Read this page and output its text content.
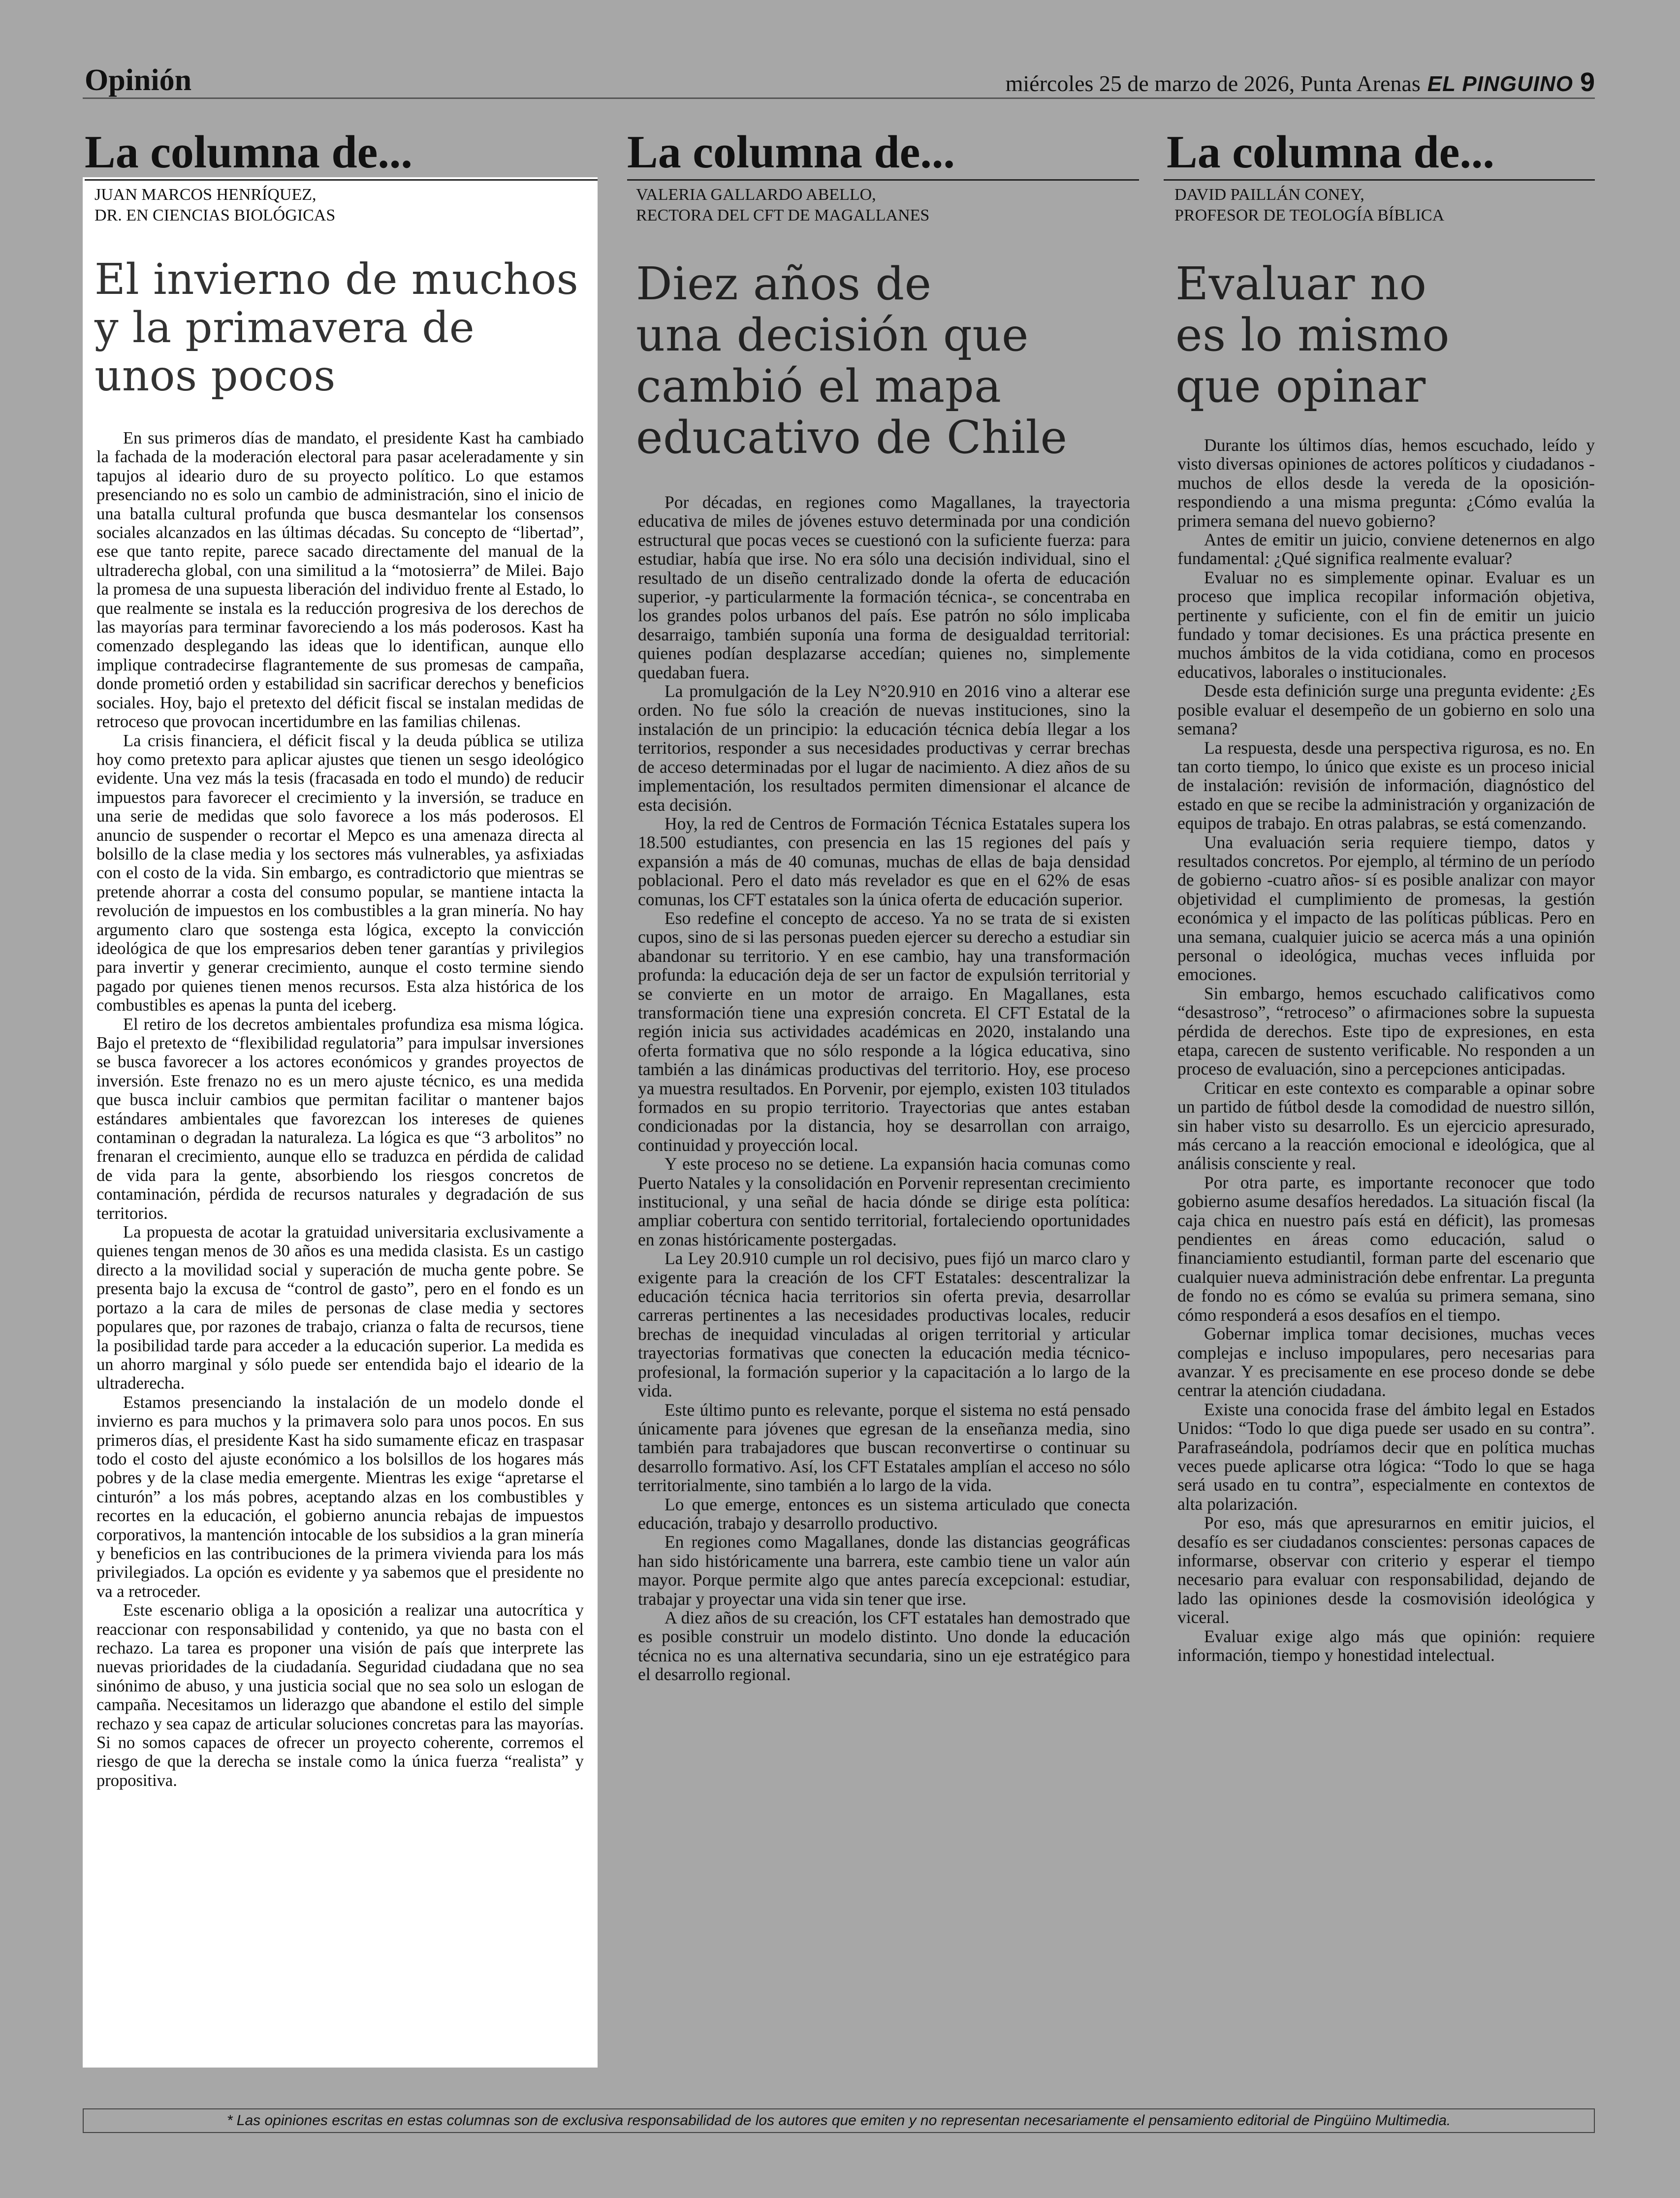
Opinión	miércoles 25 de marzo de 2026, Punta Arenas EL PINGUINO 9
La columna de...
JUAN MARCOS HENRÍQUEZ,
DR. EN CIENCIAS BIOLÓGICAS
El invierno de muchos
y la primavera de
unos pocos

En sus primeros días de mandato, el presidente Kast ha cambiado la fachada de la moderación electoral para pasar aceleradamente y sin tapujos al ideario duro de su proyecto político. Lo que estamos presenciando no es solo un cambio de administración, sino el inicio de una batalla cultural profunda que busca desmantelar los consensos sociales alcanzados en las últimas décadas. Su concepto de “libertad”, ese que tanto repite, parece sacado directamente del manual de la ultraderecha global, con una similitud a la “motosierra” de Milei. Bajo la promesa de una supuesta liberación del individuo frente al Estado, lo que realmente se instala es la reducción progresiva de los derechos de las mayorías para terminar favoreciendo a los más poderosos. Kast ha comenzado desplegando las ideas que lo identifican, aunque ello implique contradecirse flagrantemente de sus promesas de campaña, donde prometió orden y estabilidad sin sacrificar derechos y beneficios sociales. Hoy, bajo el pretexto del déficit fiscal se instalan medidas de retroceso que provocan incertidumbre en las familias chilenas.

La crisis financiera, el déficit fiscal y la deuda pública se utiliza hoy como pretexto para aplicar ajustes que tienen un sesgo ideológico evidente. Una vez más la tesis (fracasada en todo el mundo) de reducir impuestos para favorecer el crecimiento y la inversión, se traduce en una serie de medidas que solo favorece a los más poderosos. El anuncio de suspender o recortar el Mepco es una amenaza directa al bolsillo de la clase media y los sectores más vulnerables, ya asfixiadas con el costo de la vida. Sin embargo, es contradictorio que mientras se pretende ahorrar a costa del consumo popular, se mantiene intacta la revolución de impuestos en los combustibles a la gran minería. No hay argumento claro que sostenga esta lógica, excepto la convicción ideológica de que los empresarios deben tener garantías y privilegios para invertir y generar crecimiento, aunque el costo termine siendo pagado por quienes tienen menos recursos. Esta alza histórica de los combustibles es apenas la punta del iceberg.

El retiro de los decretos ambientales profundiza esa misma lógica. Bajo el pretexto de “flexibilidad regulatoria” para impulsar inversiones se busca favorecer a los actores económicos y grandes proyectos de inversión. Este frenazo no es un mero ajuste técnico, es una medida que busca incluir cambios que permitan facilitar o mantener bajos estándares ambientales que favorezcan los intereses de quienes contaminan o degradan la naturaleza. La lógica es que “3 arbolitos” no frenaran el crecimiento, aunque ello se traduzca en pérdida de calidad de vida para la gente, absorbiendo los riesgos concretos de contaminación, pérdida de recursos naturales y degradación de sus territorios.

La propuesta de acotar la gratuidad universitaria exclusivamente a quienes tengan menos de 30 años es una medida clasista. Es un castigo directo a la movilidad social y superación de mucha gente pobre. Se presenta bajo la excusa de “control de gasto”, pero en el fondo es un portazo a la cara de miles de personas de clase media y sectores populares que, por razones de trabajo, crianza o falta de recursos, tiene la posibilidad tarde para acceder a la educación superior. La medida es un ahorro marginal y sólo puede ser entendida bajo el ideario de la ultraderecha.

Estamos presenciando la instalación de un modelo donde el invierno es para muchos y la primavera solo para unos pocos. En sus primeros días, el presidente Kast ha sido sumamente eficaz en traspasar todo el costo del ajuste económico a los bolsillos de los hogares más pobres y de la clase media emergente. Mientras les exige “apretarse el cinturón” a los más pobres, aceptando alzas en los combustibles y recortes en la educación, el gobierno anuncia rebajas de impuestos corporativos, la mantención intocable de los subsidios a la gran minería y beneficios en las contribuciones de la primera vivienda para los más privilegiados. La opción es evidente y ya sabemos que el presidente no va a retroceder.

Este escenario obliga a la oposición a realizar una autocrítica y reaccionar con responsabilidad y contenido, ya que no basta con el rechazo. La tarea es proponer una visión de país que interprete las nuevas prioridades de la ciudadanía. Seguridad ciudadana que no sea sinónimo de abuso, y una justicia social que no sea solo un eslogan de campaña. Necesitamos un liderazgo que abandone el estilo del simple rechazo y sea capaz de articular soluciones concretas para las mayorías. Si no somos capaces de ofrecer un proyecto coherente, corremos el riesgo de que la derecha se instale como la única fuerza “realista” y propositiva.

La columna de...
VALERIA GALLARDO ABELLO,
RECTORA DEL CFT DE MAGALLANES
Diez años de
una decisión que
cambió el mapa
educativo de Chile

Por décadas, en regiones como Magallanes, la trayectoria educativa de miles de jóvenes estuvo determinada por una condición estructural que pocas veces se cuestionó con la suficiente fuerza: para estudiar, había que irse. No era sólo una decisión individual, sino el resultado de un diseño centralizado donde la oferta de educación superior, -y particularmente la formación técnica-, se concentraba en los grandes polos urbanos del país. Ese patrón no sólo implicaba desarraigo, también suponía una forma de desigualdad territorial: quienes podían desplazarse accedían; quienes no, simplemente quedaban fuera.

La promulgación de la Ley N°20.910 en 2016 vino a alterar ese orden. No fue sólo la creación de nuevas instituciones, sino la instalación de un principio: la educación técnica debía llegar a los territorios, responder a sus necesidades productivas y cerrar brechas de acceso determinadas por el lugar de nacimiento. A diez años de su implementación, los resultados permiten dimensionar el alcance de esta decisión.

Hoy, la red de Centros de Formación Técnica Estatales supera los 18.500 estudiantes, con presencia en las 15 regiones del país y expansión a más de 40 comunas, muchas de ellas de baja densidad poblacional. Pero el dato más revelador es que en el 62% de esas comunas, los CFT estatales son la única oferta de educación superior.

Eso redefine el concepto de acceso. Ya no se trata de si existen cupos, sino de si las personas pueden ejercer su derecho a estudiar sin abandonar su territorio. Y en ese cambio, hay una transformación profunda: la educación deja de ser un factor de expulsión territorial y se convierte en un motor de arraigo. En Magallanes, esta transformación tiene una expresión concreta. El CFT Estatal de la región inicia sus actividades académicas en 2020, instalando una oferta formativa que no sólo responde a la lógica educativa, sino también a las dinámicas productivas del territorio. Hoy, ese proceso ya muestra resultados. En Porvenir, por ejemplo, existen 103 titulados formados en su propio territorio. Trayectorias que antes estaban condicionadas por la distancia, hoy se desarrollan con arraigo, continuidad y proyección local.

Y este proceso no se detiene. La expansión hacia comunas como Puerto Natales y la consolidación en Porvenir representan crecimiento institucional, y una señal de hacia dónde se dirige esta política: ampliar cobertura con sentido territorial, fortaleciendo oportunidades en zonas históricamente postergadas.

La Ley 20.910 cumple un rol decisivo, pues fijó un marco claro y exigente para la creación de los CFT Estatales: descentralizar la educación técnica hacia territorios sin oferta previa, desarrollar carreras pertinentes a las necesidades productivas locales, reducir brechas de inequidad vinculadas al origen territorial y articular trayectorias formativas que conecten la educación media técnico-profesional, la formación superior y la capacitación a lo largo de la vida.

Este último punto es relevante, porque el sistema no está pensado únicamente para jóvenes que egresan de la enseñanza media, sino también para trabajadores que buscan reconvertirse o continuar su desarrollo formativo. Así, los CFT Estatales amplían el acceso no sólo territorialmente, sino también a lo largo de la vida.

Lo que emerge, entonces es un sistema articulado que conecta educación, trabajo y desarrollo productivo.

En regiones como Magallanes, donde las distancias geográficas han sido históricamente una barrera, este cambio tiene un valor aún mayor. Porque permite algo que antes parecía excepcional: estudiar, trabajar y proyectar una vida sin tener que irse.

A diez años de su creación, los CFT estatales han demostrado que es posible construir un modelo distinto. Uno donde la educación técnica no es una alternativa secundaria, sino un eje estratégico para el desarrollo regional.

La columna de...
DAVID PAILLÁN CONEY,
PROFESOR DE TEOLOGÍA BÍBLICA
Evaluar no
es lo mismo
que opinar

Durante los últimos días, hemos escuchado, leído y visto diversas opiniones de actores políticos y ciudadanos -muchos de ellos desde la vereda de la oposición- respondiendo a una misma pregunta: ¿Cómo evalúa la primera semana del nuevo gobierno?

Antes de emitir un juicio, conviene detenernos en algo fundamental: ¿Qué significa realmente evaluar?

Evaluar no es simplemente opinar. Evaluar es un proceso que implica recopilar información objetiva, pertinente y suficiente, con el fin de emitir un juicio fundado y tomar decisiones. Es una práctica presente en muchos ámbitos de la vida cotidiana, como en procesos educativos, laborales o institucionales.

Desde esta definición surge una pregunta evidente: ¿Es posible evaluar el desempeño de un gobierno en solo una semana?

La respuesta, desde una perspectiva rigurosa, es no. En tan corto tiempo, lo único que existe es un proceso inicial de instalación: revisión de información, diagnóstico del estado en que se recibe la administración y organización de equipos de trabajo. En otras palabras, se está comenzando.

Una evaluación seria requiere tiempo, datos y resultados concretos. Por ejemplo, al término de un período de gobierno -cuatro años- sí es posible analizar con mayor objetividad el cumplimiento de promesas, la gestión económica y el impacto de las políticas públicas. Pero en una semana, cualquier juicio se acerca más a una opinión personal o ideológica, muchas veces influida por emociones.

Sin embargo, hemos escuchado calificativos como “desastroso”, “retroceso” o afirmaciones sobre la supuesta pérdida de derechos. Este tipo de expresiones, en esta etapa, carecen de sustento verificable. No responden a un proceso de evaluación, sino a percepciones anticipadas.

Criticar en este contexto es comparable a opinar sobre un partido de fútbol desde la comodidad de nuestro sillón, sin haber visto su desarrollo. Es un ejercicio apresurado, más cercano a la reacción emocional e ideológica, que al análisis consciente y real.

Por otra parte, es importante reconocer que todo gobierno asume desafíos heredados. La situación fiscal (la caja chica en nuestro país está en déficit), las promesas pendientes en áreas como educación, salud o financiamiento estudiantil, forman parte del escenario que cualquier nueva administración debe enfrentar. La pregunta de fondo no es cómo se evalúa su primera semana, sino cómo responderá a esos desafíos en el tiempo.

Gobernar implica tomar decisiones, muchas veces complejas e incluso impopulares, pero necesarias para avanzar. Y es precisamente en ese proceso donde se debe centrar la atención ciudadana.

Existe una conocida frase del ámbito legal en Estados Unidos: “Todo lo que diga puede ser usado en su contra”. Parafraseándola, podríamos decir que en política muchas veces puede aplicarse otra lógica: “Todo lo que se haga será usado en tu contra”, especialmente en contextos de alta polarización.

Por eso, más que apresurarnos en emitir juicios, el desafío es ser ciudadanos conscientes: personas capaces de informarse, observar con criterio y esperar el tiempo necesario para evaluar con responsabilidad, dejando de lado las opiniones desde la cosmovisión ideológica y viceral.

Evaluar exige algo más que opinión: requiere información, tiempo y honestidad intelectual.

* Las opiniones escritas en estas columnas son de exclusiva responsabilidad de los autores que emiten y no representan necesariamente el pensamiento editorial de Pingüino Multimedia.
